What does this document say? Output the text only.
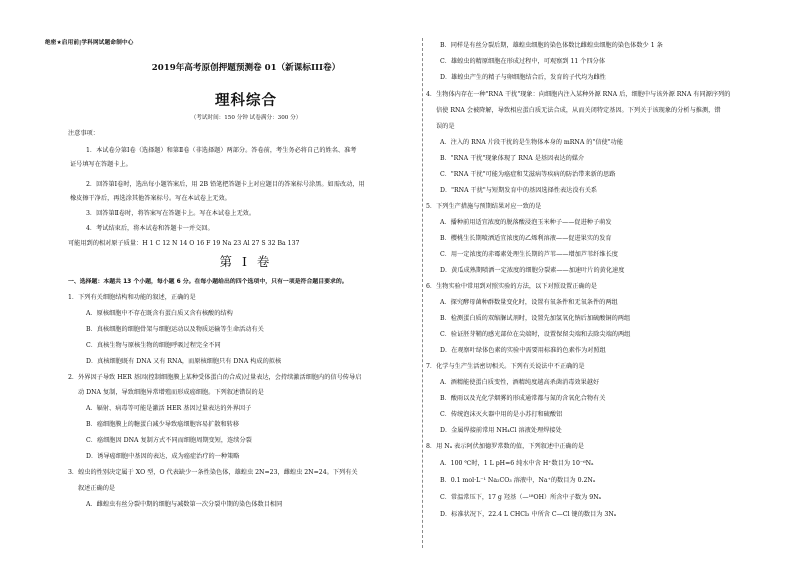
绝密★启用前|学科网试题命制中心
2019年高考原创押题预测卷 01（新课标III卷）
理科综合
（考试时间：150 分钟 试卷满分：300 分）
注意事项：
1．本试卷分第Ⅰ卷（选择题）和第Ⅱ卷（非选择题）两部分。答卷前，考生务必将自己的姓名、准考
证号填写在答题卡上。
2．回答第Ⅰ卷时，选出每小题答案后，用 2B 铅笔把答题卡上对应题目的答案标号涂黑。如需改动，用
橡皮擦干净后，再选涂其他答案标号。写在本试卷上无效。
3．回答第Ⅱ卷时，将答案写在答题卡上。写在本试卷上无效。
4．考试结束后，将本试卷和答题卡一并交回。
可能用到的相对原子质量：H 1 C 12 N 14 O 16 F 19 Na 23 Al 27 S 32 Ba 137
第 Ⅰ 卷
一、选择题：本题共 13 个小题，每小题 6 分。在每小题给出的四个选项中，只有一项是符合题目要求的。
1．下列有关细胞结构和功能的叙述，正确的是
A．原核细胞中不存在既含有蛋白质又含有核酸的结构
B．真核细胞的细胞骨架与细胞运动以及物质运输等生命活动有关
C．真核生物与原核生物的细胞呼吸过程完全不同
D．真核细胞既有 DNA 又有 RNA，而原核细胞只有 DNA 构成的拟核
2．外界因子导致 HER 基因(控制细胞膜上某种受体蛋白的合成)过量表达，会持续激活细胞内的信号传导启
动 DNA 复制，导致细胞异常增殖而形成癌细胞。下列叙述错误的是
A．辐射、病毒等可能是激活 HER 基因过量表达的外界因子
B．癌细胞膜上的糖蛋白减少导致癌细胞容易扩散和转移
C．癌细胞因 DNA 复制方式不同而细胞周期变短，连续分裂
D．诱导癌细胞中基因的表达，成为癌症治疗的一种策略
3．蝗虫的性别决定属于 XO 型，O 代表缺少一条性染色体，雄蝗虫 2N=23，雌蝗虫 2N=24。下列有关
叙述正确的是
A．雌蝗虫有丝分裂中期的细胞与减数第一次分裂中期的染色体数目相同
B．同样是有丝分裂后期，雄蝗虫细胞的染色体数比雌蝗虫细胞的染色体数少 1 条
C．雄蝗虫的精原细胞在形成过程中，可观察到 11 个四分体
D．雄蝗虫产生的精子与卵细胞结合后，发育的子代均为雌性
4．生物体内存在一种"RNA 干扰"现象：向细胞内注入某种外源 RNA 后，细胞中与该外源 RNA 有同源序列的
信使 RNA 会被降解，导致相应蛋白质无法合成，从而关闭特定基因。下列关于该现象的分析与推测，错
误的是
A．注入的 RNA 片段干扰的是生物体本身的 mRNA 的"信使"功能
B．"RNA 干扰"现象体现了 RNA 是基因表达的媒介
C．"RNA 干扰"可能为癌症和艾滋病等疾病的防治带来新的思路
D．"RNA 干扰"与短期发育中的基因选择性表达没有关系
5．下列生产措施与预期结果对应一致的是
A．播种前用适宜浓度的脱落酸浸泡玉米种子——促进种子萌发
B．樱桃生长期喷洒适宜浓度的乙烯利溶液——促进果实的发育
C．用一定浓度的赤霉素处理生长期的芦苇——增加芦苇纤维长度
D．黄瓜成熟期喷洒一定浓度的细胞分裂素——加速叶片的黄化速度
6．生物实验中常用到对照实验的方法，以下对照设置正确的是
A．探究酵母菌种群数量变化时，设置有氧条件和无氧条件的两组
B．检测蛋白质的双缩脲试剂时，设置先加氢氧化钠后加硫酸铜的两组
C．验证胚芽鞘的感光部位在尖端时，设置保留尖端和去除尖端的两组
D．在观察叶绿体色素的实验中需要用标准的色素作为对照组
7．化学与生产生活密切相关。下列有关说法中不正确的是
A．酒精能使蛋白质变性，酒精纯度越高杀菌消毒效果越好
B．酸雨以及光化学烟雾的形成通常都与氮的含氧化合物有关
C．传统泡沫灭火器中用的是小苏打和硫酸铝
D．金属焊接前常用 NH₄Cl 溶液处理焊接处
8．用 Nₐ 表示阿伏加德罗常数的值，下列叙述中正确的是
A．100 ℃时，1 L pH=6 纯水中含 H⁺数目为 10⁻⁶Nₐ
B．0.1 mol·L⁻¹ Na₂CO₃ 溶液中，Na⁺的数目为 0.2Nₐ
C．常温常压下，17 g 羟基（—¹⁸OH）所含中子数为 9Nₐ
D．标准状况下，22.4 L CHCl₃ 中所含 C—Cl 键的数目为 3Nₐ
